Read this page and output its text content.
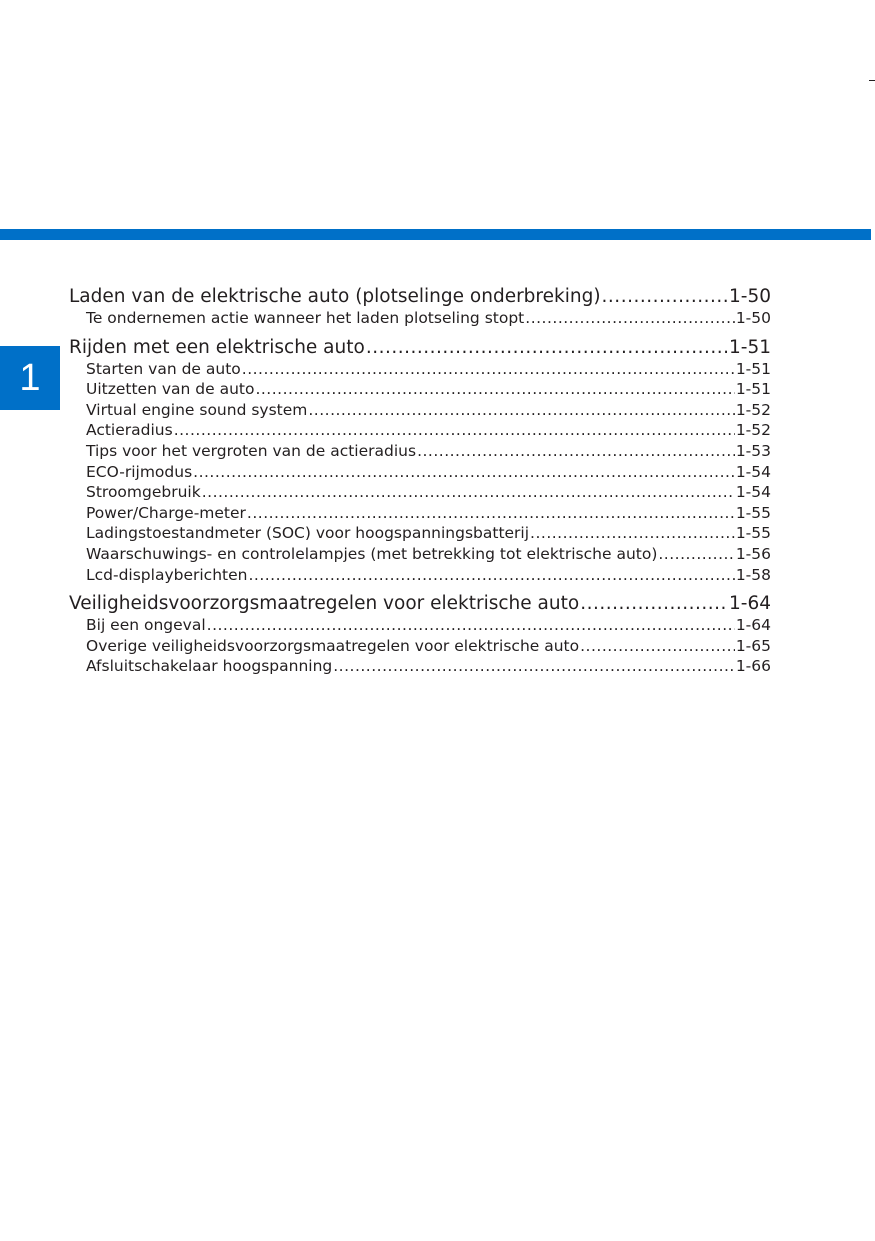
1
Laden van de elektrische auto (plotselinge onderbreking) .....	1-50
Te ondernemen actie wanneer het laden plotseling stopt .....	1-50
Rijden met een elektrische auto .....	1-51
Starten van de auto .....	1-51
Uitzetten van de auto .....	1-51
Virtual engine sound system .....	1-52
Actieradius .....	1-52
Tips voor het vergroten van de actieradius .....	1-53
ECO-rijmodus .....	1-54
Stroomgebruik .....	1-54
Power/Charge-meter .....	1-55
Ladingstoestandmeter (SOC) voor hoogspanningsbatterij .....	1-55
Waarschuwings- en controlelampjes (met betrekking tot elektrische auto) .....	1-56
Lcd-displayberichten .....	1-58
Veiligheidsvoorzorgsmaatregelen voor elektrische auto .....	1-64
Bij een ongeval .....	1-64
Overige veiligheidsvoorzorgsmaatregelen voor elektrische auto .....	1-65
Afsluitschakelaar hoogspanning .....	1-66
